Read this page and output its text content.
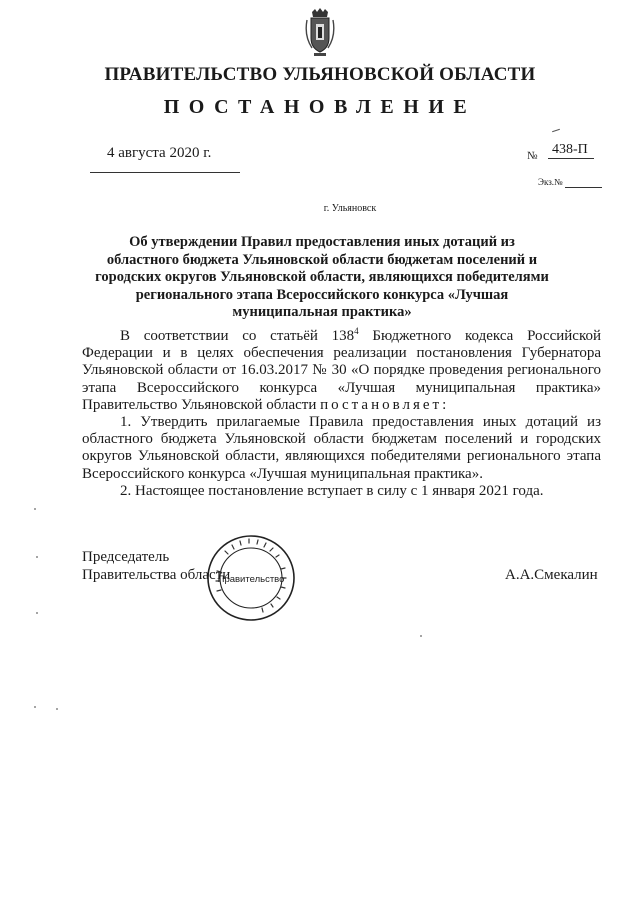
ПРАВИТЕЛЬСТВО УЛЬЯНОВСКОЙ ОБЛАСТИ
ПОСТАНОВЛЕНИЕ
4 августа 2020 г.	№ 438-П
Экз.№
г. Ульяновск
Об утверждении Правил предоставления иных дотаций из областного бюджета Ульяновской области бюджетам поселений и городских округов Ульяновской области, являющихся победителями регионального этапа Всероссийского конкурса «Лучшая муниципальная практика»

В соответствии со статьёй $138^4$ Бюджетного кодекса Российской Федерации и в целях обеспечения реализации постановления Губернатора Ульяновской области от 16.03.2017 № 30 «О порядке проведения регионального этапа Всероссийского конкурса «Лучшая муниципальная практика» Правительство Ульяновской области постановляет:

1. Утвердить прилагаемые Правила предоставления иных дотаций из областного бюджета Ульяновской области бюджетам поселений и городских округов Ульяновской области, являющихся победителями регионального этапа Всероссийского конкурса «Лучшая муниципальная практика».

2. Настоящее постановление вступает в силу с 1 января 2021 года.

Председатель
Правительства области	А.А.Смекалин
Правительство
